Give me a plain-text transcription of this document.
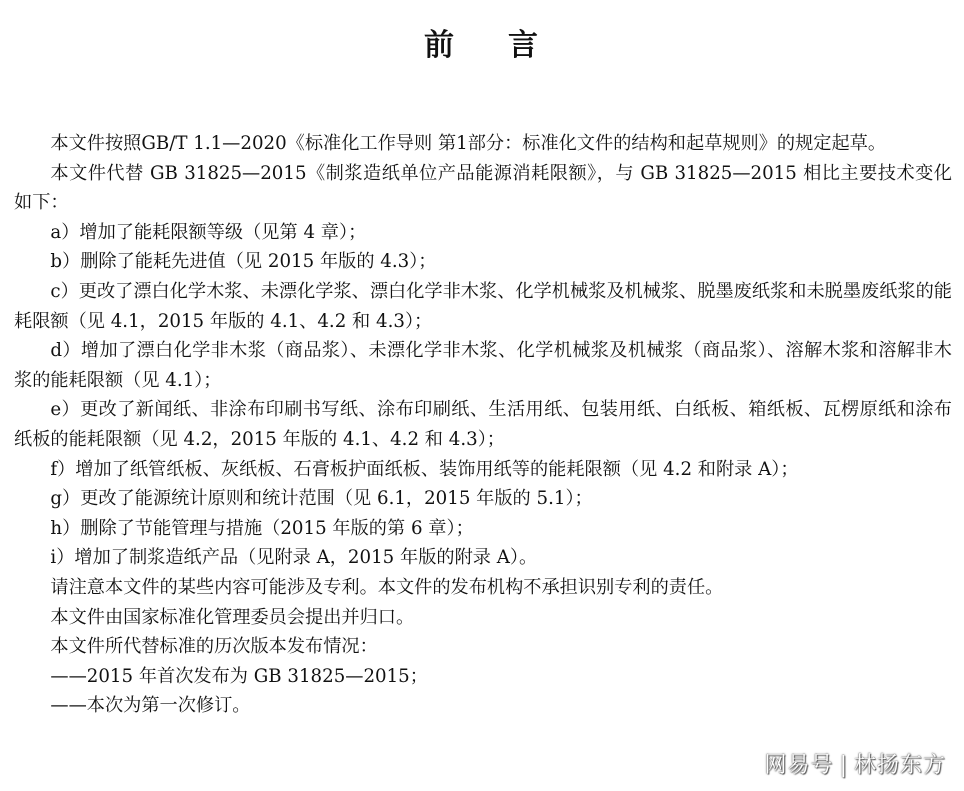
前 言

本文件按照GB/T 1.1—2020《标准化工作导则 第1部分：标准化文件的结构和起草规则》的规定起草。

本文件代替 GB 31825—2015《制浆造纸单位产品能源消耗限额》，与 GB 31825—2015 相比主要技术变化如下：

a）增加了能耗限额等级（见第 4 章）；

b）删除了能耗先进值（见 2015 年版的 4.3）；

c）更改了漂白化学木浆、未漂化学浆、漂白化学非木浆、化学机械浆及机械浆、脱墨废纸浆和未脱墨废纸浆的能耗限额（见 4.1，2015 年版的 4.1、4.2 和 4.3）；

d）增加了漂白化学非木浆（商品浆）、未漂化学非木浆、化学机械浆及机械浆（商品浆）、溶解木浆和溶解非木浆的能耗限额（见 4.1）；

e）更改了新闻纸、非涂布印刷书写纸、涂布印刷纸、生活用纸、包装用纸、白纸板、箱纸板、瓦楞原纸和涂布纸板的能耗限额（见 4.2，2015 年版的 4.1、4.2 和 4.3）；

f）增加了纸管纸板、灰纸板、石膏板护面纸板、装饰用纸等的能耗限额（见 4.2 和附录 A）；

g）更改了能源统计原则和统计范围（见 6.1，2015 年版的 5.1）；

h）删除了节能管理与措施（2015 年版的第 6 章）；

i）增加了制浆造纸产品（见附录 A，2015 年版的附录 A）。

请注意本文件的某些内容可能涉及专利。本文件的发布机构不承担识别专利的责任。

本文件由国家标准化管理委员会提出并归口。

本文件所代替标准的历次版本发布情况：

——2015 年首次发布为 GB 31825—2015；

——本次为第一次修订。

网易号 | 林扬东方
